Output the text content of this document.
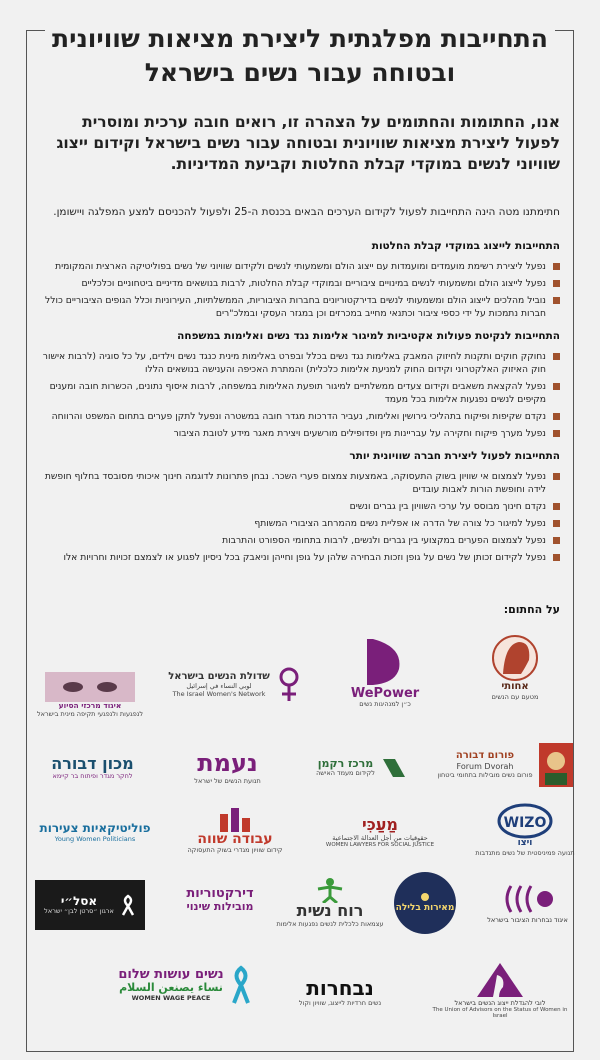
התחייבות מפלגתית ליצירת מציאות שוויונית
ובטוחה עבור נשים בישראל
אנו, החתומות והחתומים על הצהרה זו, רואים חובה ערכית ומוסרית לפעול ליצירת מציאות שוויונית ובטוחה עבור נשים בישראל וקידום ייצוג שוויוני לנשים במוקדי קבלת החלטות וקביעת המדיניות.
חתימתנו מטה הינה התחייבות לפעול לקידום הערכים הבאים בכנסת ה-25 ולפעול להכניסם למצע המפלגה ויישומן.
התחייבות לייצוג במוקדי קבלת החלטות
נפעל ליצירת רשימת מועמדים ומועמדות עם ייצוג הולם ומשמעותי לנשים ולקידום שוויוני של נשים בפוליטיקה הארצית והמקומית
נפעל לייצוג הולם ומשמעותי לנשים במינויים ציבוריים ובמוקדי קבלת החלטות, לרבות בנושאים מדיניים ביטחוניים וכלכליים
נוביל מהלכים לייצוג הולם ומשמעותי לנשים בדירקטוריונים בחברות הציבוריות, הממשלתיות, העירוניות וכלל הגופים הציבוריים כולל חברות נתמכות על ידי כספי ציבור וכתנאי מחייב במכרזים וכן במגזר העסקי ובמלכ"רים
התחייבות לנקיטת פעולות אקטיביות למיגור אלימות נגד נשים ואלימות במשפחה
נחוקק חוקים ותקנות לחיזוק המאבק באלימות נגד נשים בכלל ובפרט באלימות מינית כנגד נשים וילדים, על כל סוגיה (לרבות אישור חוק האיזוק האלקטרוני וקידום החוק למניעת אלימות כלכלית) והמתרת האכיפה והענישה בנושאים הללו
נפעל להקצאת משאבים וקידום צעדים ממשלתיים למיגור תופעת האלימות במשפחה, לרבות איסוף נתונים, הכשרות חובה ומענים מקיפים לנשים נפגעות אלימות בכל מעמד
נקדם שקיפות ופיקוח בתהליכי גירושין ואלימות, נעביר הדרכות מגדר חובה במשטרה ונפעל לתקן פערים בתחום המשפט והרווחה
נפעל מערך פיקוח וחקירה על עבריינות מין ופדופילים מורשעים ויצירת מאגר מידע לטובת הציבור
התחייבות לפעול ליצירת חברה שוויונית יותר
נפעל לצמצום אי שוויון בשוק התעסוקה, באמצעות צמצום פערי השכר. נבחן פתרונות לדוגמה חינוך איכותי מסובסד בחלוף חופשת לידה וחופשת הורות לאבות עובדים
נקדם חינוך מבוסס על ערכי השוויון בין גברים ונשים
נפעל למיגור כל צורה של הדרה או אפליית נשים מהמרחב הציבורי המשותף
נפעל לצמצום הפערים במקצועי בין גברים ולנשים, לרבות בתחומי הספורט והתרבות
נפעל לקידום זכותן של נשים על גופן וזכות הבחירה שלהן על גופן וחייהן וניאבק בכל ניסיון לפגוע או לצמצם זכויות וחרויות אלו
על החתום:
אחותי
מטעם עם הנשים
WePower
כ״ן למנהיגות נשים
שדולת הנשים בישראל
لوبي النساء في إسرائيل
The Israel Women's Network
איגוד מרכזי הסיוע
לנפגעות ולנפגעי תקיפה מינית בישראל
פורום דבורה
Forum Dvorah
פורום נשים מובילות בתחומי ביטחון
מרכז רקמן
לקידום מעמד האישה
נעמת
תנועת הנשים של ישראל
מכון דבורה
לחקר מגדר ופיתוח בר קיימא
WIZO
ויצו
תנועה פמיניסטית של נשים מתנדבות
מַעַכִּי
حقوقيات من أجل العدالة الاجتماعية
WOMEN LAWYERS FOR SOCIAL JUSTICE
עבודה שווה
קידום שוויון מגדרי בשוק התעסוקה
פוליטיקאיות צעירות
Young Women Politicians
איגוד נבחרות הציבור בישראל
מאירות בלילה
רוח נשית
עצמאות כלכלית לנשים נפגעות אלימות
דירקטוריות
מובילות שינוי
אסל״י
ארגון ״סרטן לבן״ ישראל
לובי להגדלת ייצוג הנשים בישראל
The Union of Advisors on the Status of Women in Israel
נבחרות
נשים חרדיות לייצוג, שוויון וקול
נשים עושות שלום
نساء يصنعن السلام
WOMEN WAGE PEACE
